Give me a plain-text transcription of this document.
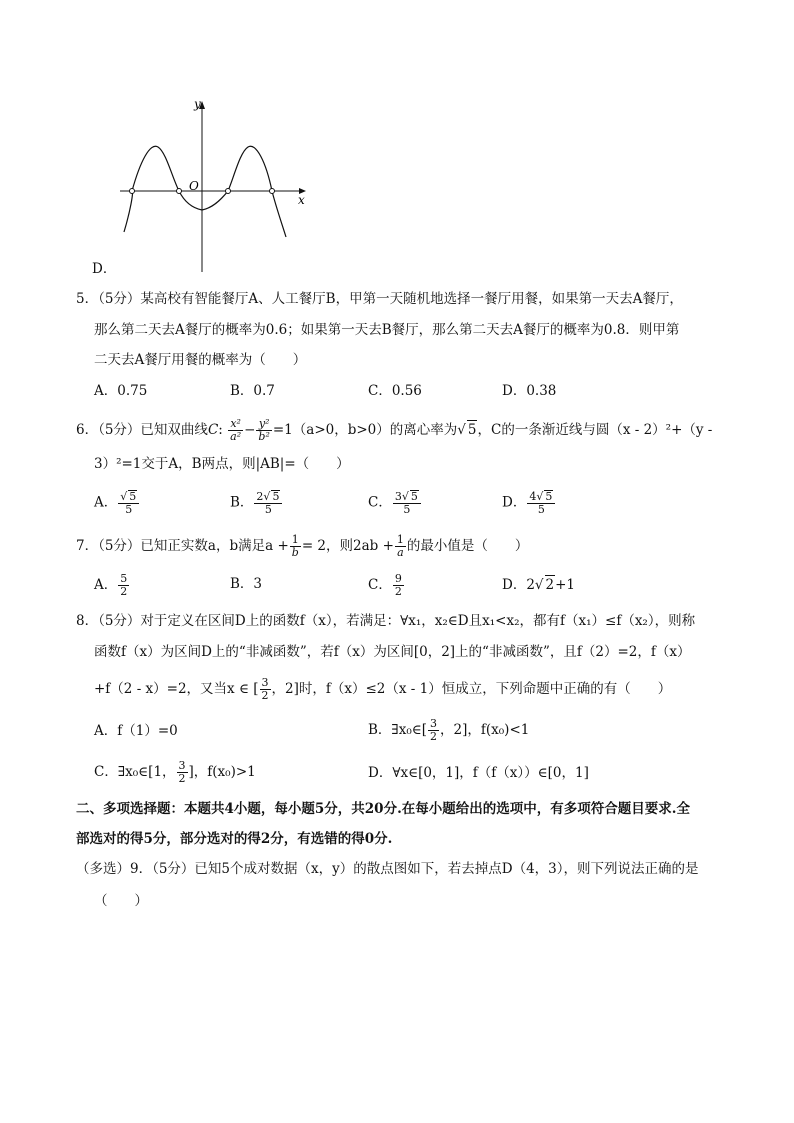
y
x
O
D．
5．（5分）某高校有智能餐厅A、人工餐厅B，甲第一天随机地选择一餐厅用餐，如果第一天去A餐厅，
那么第二天去A餐厅的概率为0.6；如果第一天去B餐厅，那么第二天去A餐厅的概率为0.8．则甲第
二天去A餐厅用餐的概率为（　　）
A．0.75	B．0.7	C．0.56	D．0.38
6．（5分）已知双曲线C: $\frac{\text{x²}}{\text{a²}} - \frac{\text{y²}}{\text{b²}} =1(a>0$，b>0）的离心率为√ 5，C的一条渐近线与圆（x - 2）²+（y -
3）²=1交于A，B两点，则|AB|=（　　）
A． $\frac{√ 5}{5}$	B． $\frac{2√ 5}{5}$	C． $\frac{3√ 5}{5}$	D． $\frac{4√ 5}{5}$
7．（5分）已知正实数a，b满足$a + \frac{1}{b} = 2$，则$2ab + \frac{1}{a}$ 的最小值是（　　）
A． $\frac{5}{2}$	B．3	C． $\frac{9}{2}$	D．2√ 2+1
8．（5分）对于定义在区间D上的函数f（x），若满足：∀x₁，x₂∈D且x₁<x₂，都有f（x₁）≤f（x₂），则称
函数f（x）为区间D上的“非减函数”，若f（x）为区间[0，2]上的“非减函数”，且f（2）=2，f（x）
+f（2 - x）=2，又当x ∈ [ $\frac{3}{2}$ ，2]时，f（x）≤2（x - 1）恒成立，下列命题中正确的有（　　）
A．f（1）=0	B．∃x₀∈[ $\frac{3}{2}$ ，2]，f(x₀)<1
C．∃x₀∈[1， $\frac{3}{2}$ ]，f(x₀)>1	D．∀x∈[0，1]，f（f（x））∈[0，1]
二、多项选择题：本题共4小题，每小题5分，共20分.在每小题给出的选项中，有多项符合题目要求.全
部选对的得5分，部分选对的得2分，有选错的得0分.
（多选）9．（5分）已知5个成对数据（x，y）的散点图如下，若去掉点D（4，3），则下列说法正确的是
（　　）
